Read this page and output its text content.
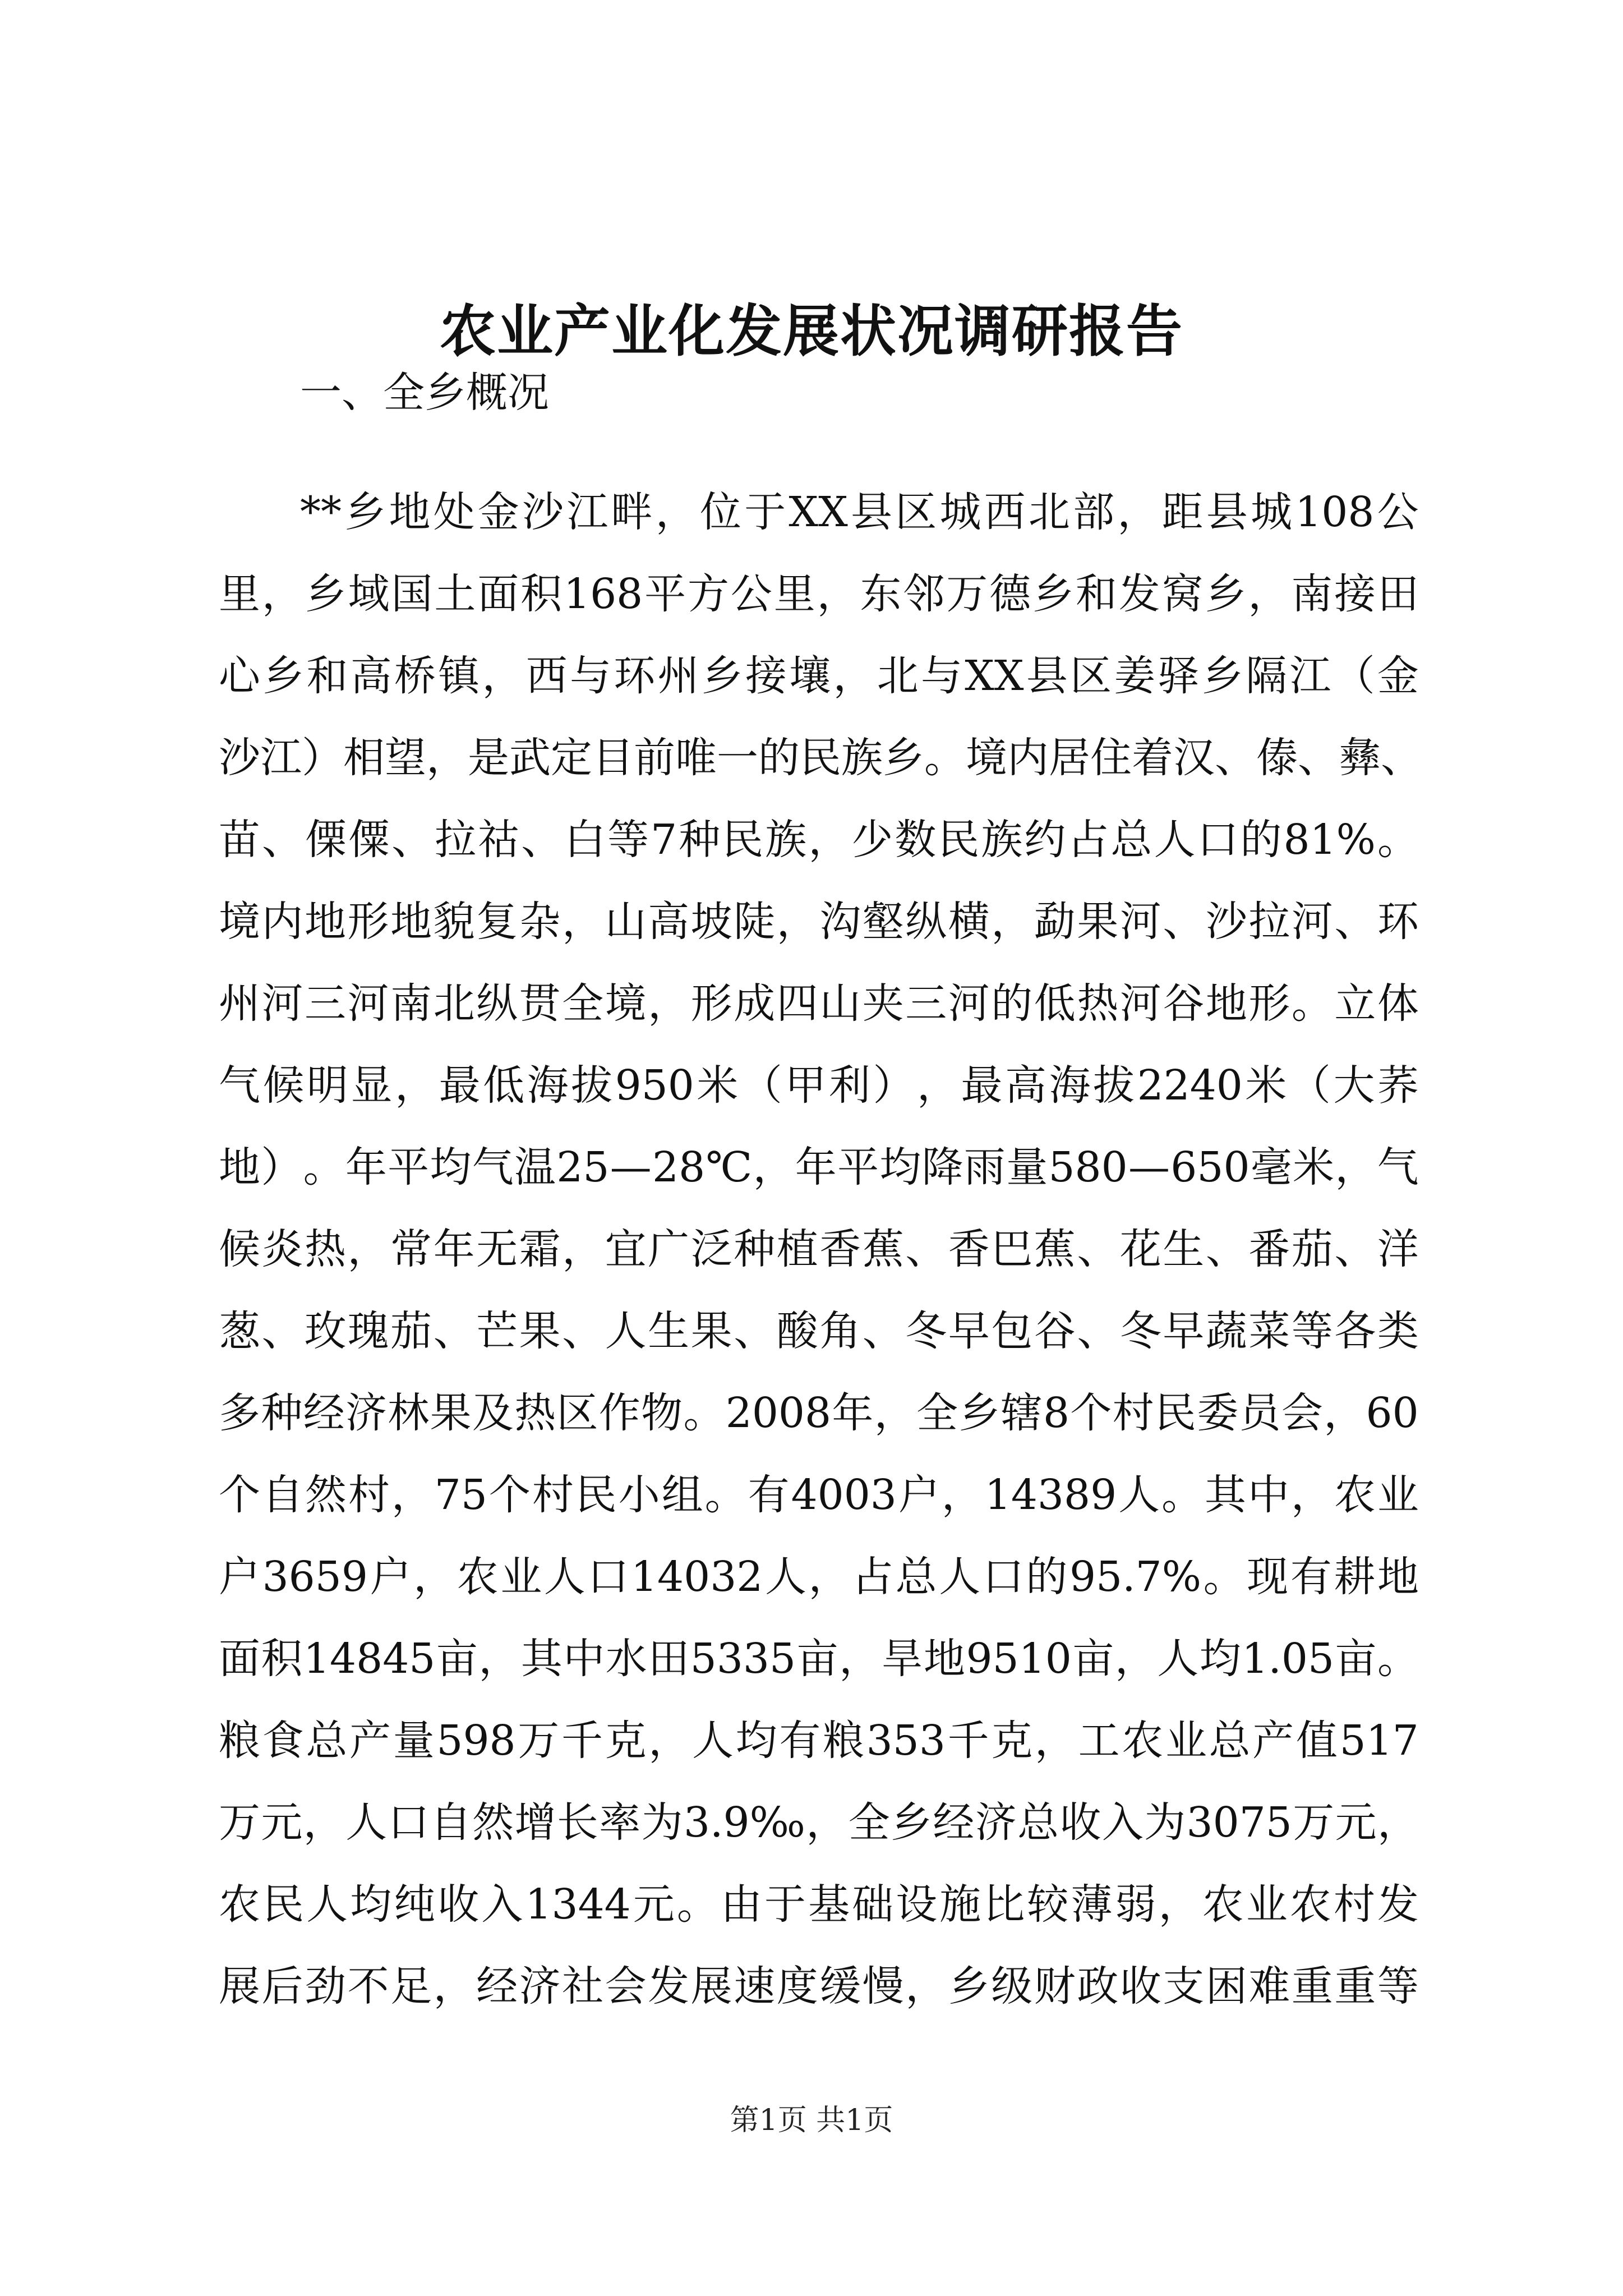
农业产业化发展状况调研报告
一、全乡概况
** 乡 地 处 金 沙 江 畔 ， 位 于 XX 县 区 城 西 北 部 ， 距 县 城 108 公
里 ， 乡 域 国 土 面 积 168 平 方 公 里 ， 东 邻 万 德 乡 和 发 窝 乡 ， 南 接 田
心 乡 和 高 桥 镇 ， 西 与 环 州 乡 接 壤 ， 北 与 XX 县 区 姜 驿 乡 隔 江 （ 金
沙 江 ） 相 望 ， 是 武 定 目 前 唯 一 的 民 族 乡 。 境 内 居 住 着 汉 、 傣 、 彝 、
苗 、 傈 僳 、 拉 祜 、 白 等 7 种 民 族 ， 少 数 民 族 约 占 总 人 口 的 81% 。
境 内 地 形 地 貌 复 杂 ， 山 高 坡 陡 ， 沟 壑 纵 横 ， 勐 果 河 、 沙 拉 河 、 环
州 河 三 河 南 北 纵 贯 全 境 ， 形 成 四 山 夹 三 河 的 低 热 河 谷 地 形 。 立 体
气 候 明 显 ， 最 低 海 拔 950 米 （ 甲 利 ） ， 最 高 海 拔 2240 米 （ 大 荞
地 ） 。 年 平 均 气 温 25 — 28 ℃ ， 年 平 均 降 雨 量 580 — 650 毫 米 ， 气
候 炎 热 ， 常 年 无 霜 ， 宜 广 泛 种 植 香 蕉 、 香 巴 蕉 、 花 生 、 番 茄 、 洋
葱 、 玫 瑰 茄 、 芒 果 、 人 生 果 、 酸 角 、 冬 早 包 谷 、 冬 早 蔬 菜 等 各 类
多 种 经 济 林 果 及 热 区 作 物 。 2008 年 ， 全 乡 辖 8 个 村 民 委 员 会 ， 60
个 自 然 村 ， 75 个 村 民 小 组 。 有 4003 户 ， 14389 人 。 其 中 ， 农 业
户 3659 户 ， 农 业 人 口 14032 人 ， 占 总 人 口 的 95.7% 。 现 有 耕 地
面 积 14845 亩 ， 其 中 水 田 5335 亩 ， 旱 地 9510 亩 ， 人 均 1.05 亩 。
粮 食 总 产 量 598 万 千 克 ， 人 均 有 粮 353 千 克 ， 工 农 业 总 产 值 517
万 元 ， 人 口 自 然 增 长 率 为 3.9‰ ， 全 乡 经 济 总 收 入 为 3075 万 元 ，
农 民 人 均 纯 收 入 1344 元 。 由 于 基 础 设 施 比 较 薄 弱 ， 农 业 农 村 发
展 后 劲 不 足 ， 经 济 社 会 发 展 速 度 缓 慢 ， 乡 级 财 政 收 支 困 难 重 重 等
第1页 共1页
